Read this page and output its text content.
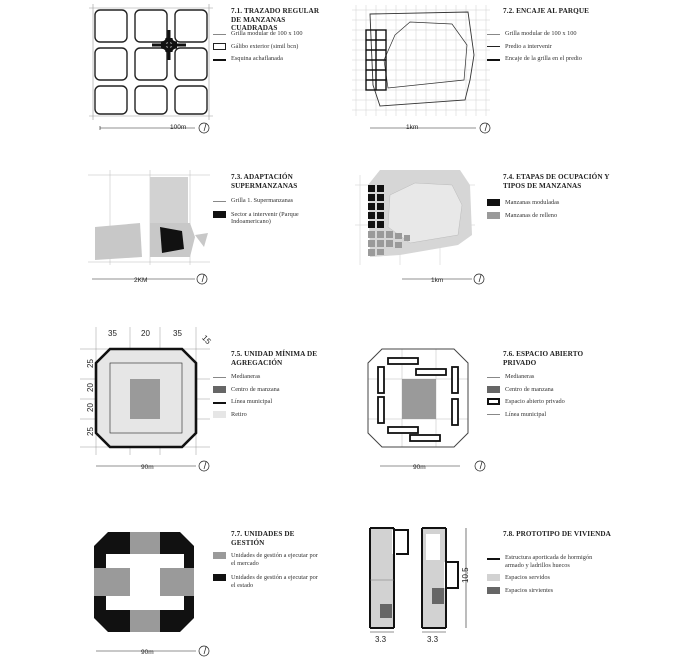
100m
7.1. TRAZADO REGULAR DE MANZANAS CUADRADAS
Grilla modular de 100 x 100
Gálibo exterior (simil bcn)
Esquina achaflanada
1km
7.2. ENCAJE AL PARQUE
Grilla modular de 100 x 100
Predio a intervenir
Encaje de la grilla en el predio
2KM
7.3. ADAPTACIÓN SUPERMANZANAS
Grilla 1. Supermanzanas
Sector a intervenir (Parque Indoamericano)
1km
7.4. ETAPAS DE OCUPACIÓN Y TIPOS DE MANZANAS
Manzanas moduladas
Manzanas de relleno
35	20	35 15
25
20
20
25
90m
7.5. UNIDAD MÍNIMA DE AGREGACIÓN
Medianeras
Centro de manzana
Línea municipal
Retiro
90m
7.6. ESPACIO ABIERTO PRIVADO
Medianeras
Centro de manzana
Espacio abierto privado
Línea municipal
90m
7.7. UNIDADES DE GESTIÓN
Unidades de gestión a ejecutar por el mercado
Unidades de gestión a ejecutar por el estado
10.5
3.3	3.3
7.8. PROTOTIPO DE VIVIENDA
Estructura aporticada de hormigón armado y ladrillos huecos
Espacios servidos
Espacios sirvientes
